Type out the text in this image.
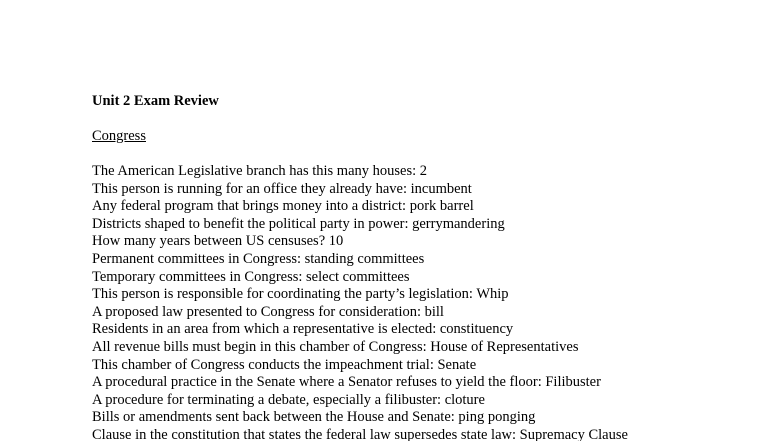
Unit 2 Exam Review
Congress
The American Legislative branch has this many houses: 2
This person is running for an office they already have: incumbent
Any federal program that brings money into a district: pork barrel
Districts shaped to benefit the political party in power: gerrymandering
How many years between US censuses? 10
Permanent committees in Congress: standing committees
Temporary committees in Congress: select committees
This person is responsible for coordinating the party’s legislation: Whip
A proposed law presented to Congress for consideration: bill
Residents in an area from which a representative is elected: constituency
All revenue bills must begin in this chamber of Congress: House of Representatives
This chamber of Congress conducts the impeachment trial: Senate
A procedural practice in the Senate where a Senator refuses to yield the floor: Filibuster
A procedure for terminating a debate, especially a filibuster: cloture
Bills or amendments sent back between the House and Senate: ping ponging
Clause in the constitution that states the federal law supersedes state law: Supremacy Clause
